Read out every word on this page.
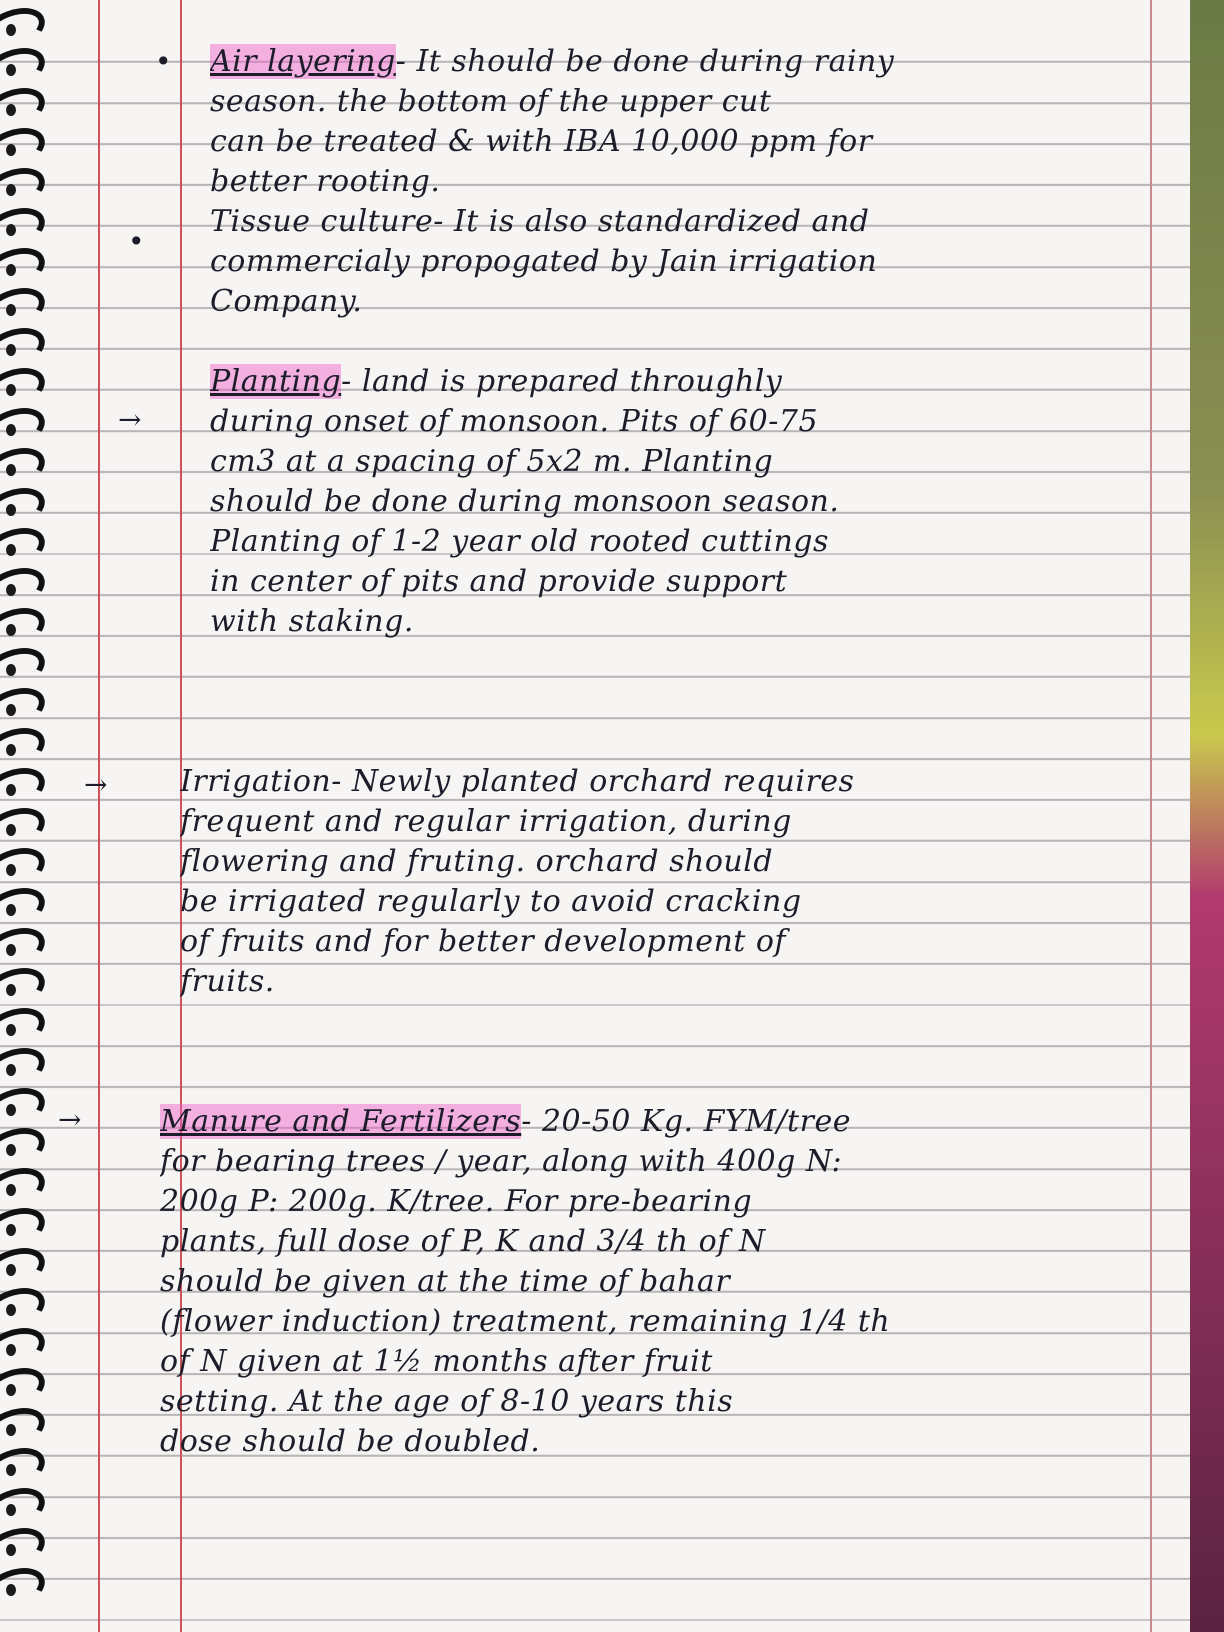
•
•
→
→
→
Air layering- It should be done during rainy
season. the bottom of the upper cut
can be treated & with IBA 10,000 ppm for
better rooting.
Tissue culture- It is also standardized and
commercialy propogated by Jain irrigation
Company.
Planting- land is prepared throughly
during onset of monsoon. Pits of 60-75
cm3 at a spacing of 5x2 m. Planting
should be done during monsoon season.
Planting of 1-2 year old rooted cuttings
in center of pits and provide support
with staking.
Irrigation- Newly planted orchard requires
frequent and regular irrigation, during
flowering and fruting. orchard should
be irrigated regularly to avoid cracking
of fruits and for better development of
fruits.
Manure and Fertilizers- 20-50 Kg. FYM/tree
for bearing trees / year, along with 400g N:
200g P: 200g. K/tree. For pre-bearing
plants, full dose of P, K and 3/4 th of N
should be given at the time of bahar
(flower induction) treatment, remaining 1/4 th
of N given at 1½ months after fruit
setting. At the age of 8-10 years this
dose should be doubled.
